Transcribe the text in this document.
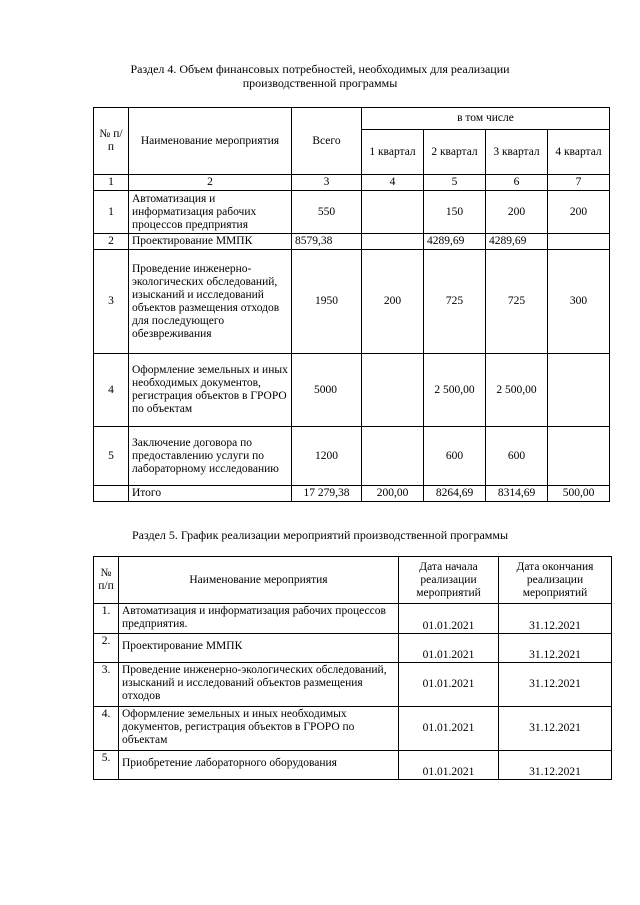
Раздел 4. Объем финансовых потребностей, необходимых для реализации
производственной программы
№ п/п	Наименование мероприятия	Всего	в том числе			
			1 квартал	2 квартал	3 квартал	4 квартал
1	2	3	4	5	6	7
1	Автоматизация и информатизация рабочих процессов предприятия	550		150	200	200
2	Проектирование ММПК	8579,38		4289,69	4289,69	
3	Проведение инженерно-экологических обследований, изысканий и исследований объектов размещения отходов для последующего обезвреживания	1950	200	725	725	300
4	Оформление земельных и иных необходимых документов, регистрация объектов в ГРОРО по объектам	5000		2 500,00	2 500,00	
5	Заключение договора по предоставлению услуги по лабораторному исследованию	1200		600	600	
	Итого	17 279,38	200,00	8264,69	8314,69	500,00
Раздел 5. График реализации мероприятий производственной программы
№ п/п	Наименование мероприятия	Дата начала реализации мероприятий	Дата окончания реализации мероприятий
1.	Автоматизация и информатизация рабочих процессов предприятия.	01.01.2021	31.12.2021
2.	Проектирование ММПК	01.01.2021	31.12.2021
3.	Проведение инженерно-экологических обследований, изысканий и исследований объектов размещения отходов	01.01.2021	31.12.2021
4.	Оформление земельных и иных необходимых документов, регистрация объектов в ГРОРО по объектам	01.01.2021	31.12.2021
5.	Приобретение лабораторного оборудования	01.01.2021	31.12.2021
